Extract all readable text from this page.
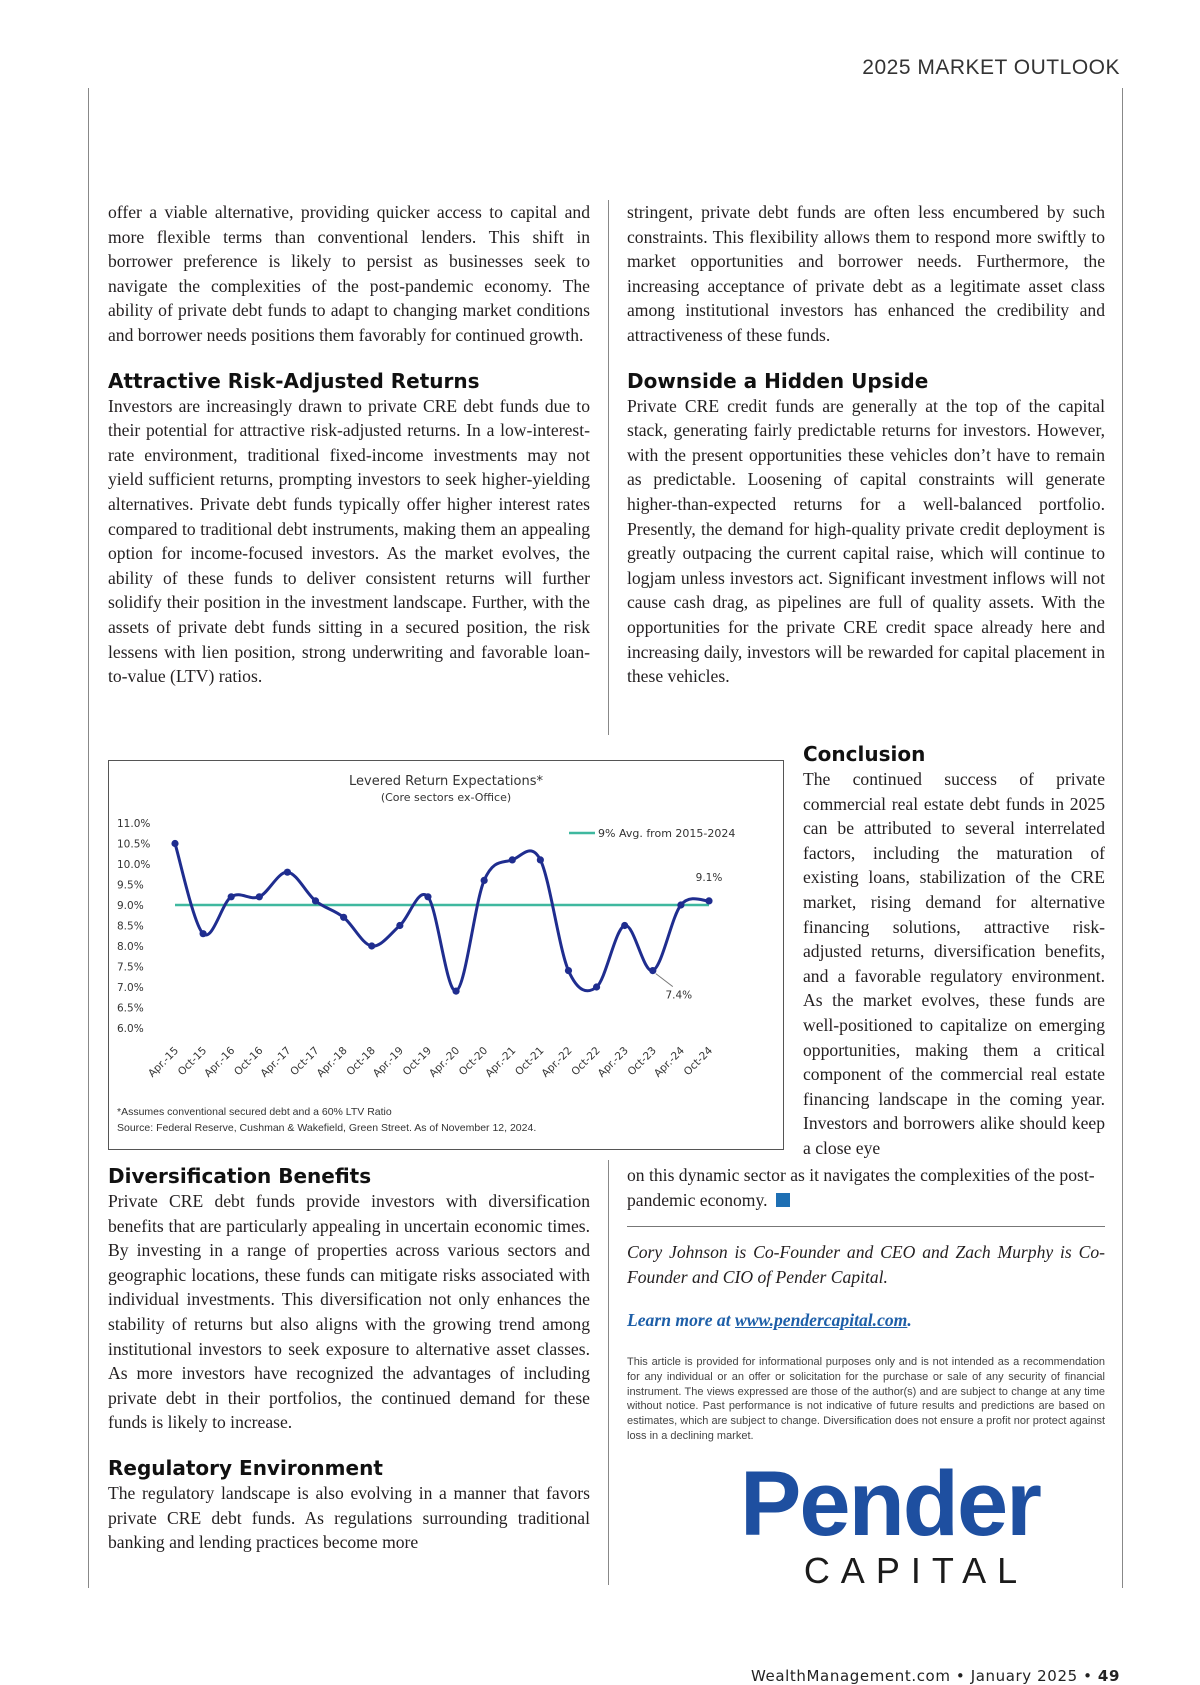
2025 MARKET OUTLOOK

offer a viable alternative, providing quicker access to capital and more flexible terms than conventional lenders. This shift in borrower preference is likely to persist as businesses seek to navigate the complexities of the post-pandemic economy. The ability of private debt funds to adapt to changing market conditions and borrower needs positions them favorably for continued growth.

Attractive Risk-Adjusted Returns

Investors are increasingly drawn to private CRE debt funds due to their potential for attractive risk-adjusted returns. In a low-interest-rate environment, traditional fixed-income investments may not yield sufficient returns, prompting investors to seek higher-yielding alternatives. Private debt funds typically offer higher interest rates compared to traditional debt instruments, making them an appealing option for income-focused investors. As the market evolves, the ability of these funds to deliver consistent returns will further solidify their position in the investment landscape. Further, with the assets of private debt funds sitting in a secured position, the risk lessens with lien position, strong underwriting and favorable loan-to-value (LTV) ratios.

Levered Return Expectations*
(Core sectors ex-Office)
11.0%
10.5%
10.0%
9.5%
9.0%
8.5%
8.0%
7.5%
7.0%
6.5%
6.0%
Apr.-15
Oct-15
Apr.-16
Oct-16
Apr.-17
Oct-17
Apr.-18
Oct-18
Apr.-19
Oct-19
Apr.-20
Oct-20
Apr.-21
Oct-21
Apr.-22
Oct-22
Apr.-23
Oct-23
Apr.-24
Oct-24
9% Avg. from 2015-2024
9.1%
7.4%
*Assumes conventional secured debt and a 60% LTV Ratio
Source: Federal Reserve, Cushman & Wakefield, Green Street. As of November 12, 2024.
Diversification Benefits

Private CRE debt funds provide investors with diversification benefits that are particularly appealing in uncertain economic times. By investing in a range of properties across various sectors and geographic locations, these funds can mitigate risks associated with individual investments. This diversification not only enhances the stability of returns but also aligns with the growing trend among institutional investors to seek exposure to alternative asset classes. As more investors have recognized the advantages of including private debt in their portfolios, the continued demand for these funds is likely to increase.

Regulatory Environment

The regulatory landscape is also evolving in a manner that favors private CRE debt funds. As regulations surrounding traditional banking and lending practices become more

stringent, private debt funds are often less encumbered by such constraints. This flexibility allows them to respond more swiftly to market opportunities and borrower needs. Furthermore, the increasing acceptance of private debt as a legitimate asset class among institutional investors has enhanced the credibility and attractiveness of these funds.

Downside a Hidden Upside

Private CRE credit funds are generally at the top of the capital stack, generating fairly predictable returns for investors. However, with the present opportunities these vehicles don’t have to remain as predictable. Loosening of capital constraints will generate higher-than-expected returns for a well-balanced portfolio. Presently, the demand for high-quality private credit deployment is greatly outpacing the current capital raise, which will continue to logjam unless investors act. Significant investment inflows will not cause cash drag, as pipelines are full of quality assets. With the opportunities for the private CRE credit space already here and increasing daily, investors will be rewarded for capital placement in these vehicles.

Conclusion

The continued success of private commercial real estate debt funds in 2025 can be attributed to several interrelated factors, including the maturation of existing loans, stabilization of the CRE market, rising demand for alternative financing solutions, attractive risk-adjusted returns, diversification benefits, and a favorable regulatory environment. As the market evolves, these funds are well-positioned to capitalize on emerging opportunities, making them a critical component of the commercial real estate financing landscape in the coming year. Investors and borrowers alike should keep a close eye

on this dynamic sector as it navigates the complexities of the post-pandemic economy.
Cory Johnson is Co-Founder and CEO and Zach Murphy is Co-Founder and CIO of Pender Capital.
Learn more at www.pendercapital.com.
This article is provided for informational purposes only and is not intended as a recommendation for any individual or an offer or solicitation for the purchase or sale of any security of financial instrument. The views expressed are those of the author(s) and are subject to change at any time without notice. Past performance is not indicative of future results and predictions are based on estimates, which are subject to change. Diversification does not ensure a profit nor protect against loss in a declining market.
Pender
CAPITAL
WealthManagement.com • January 2025 • 49
